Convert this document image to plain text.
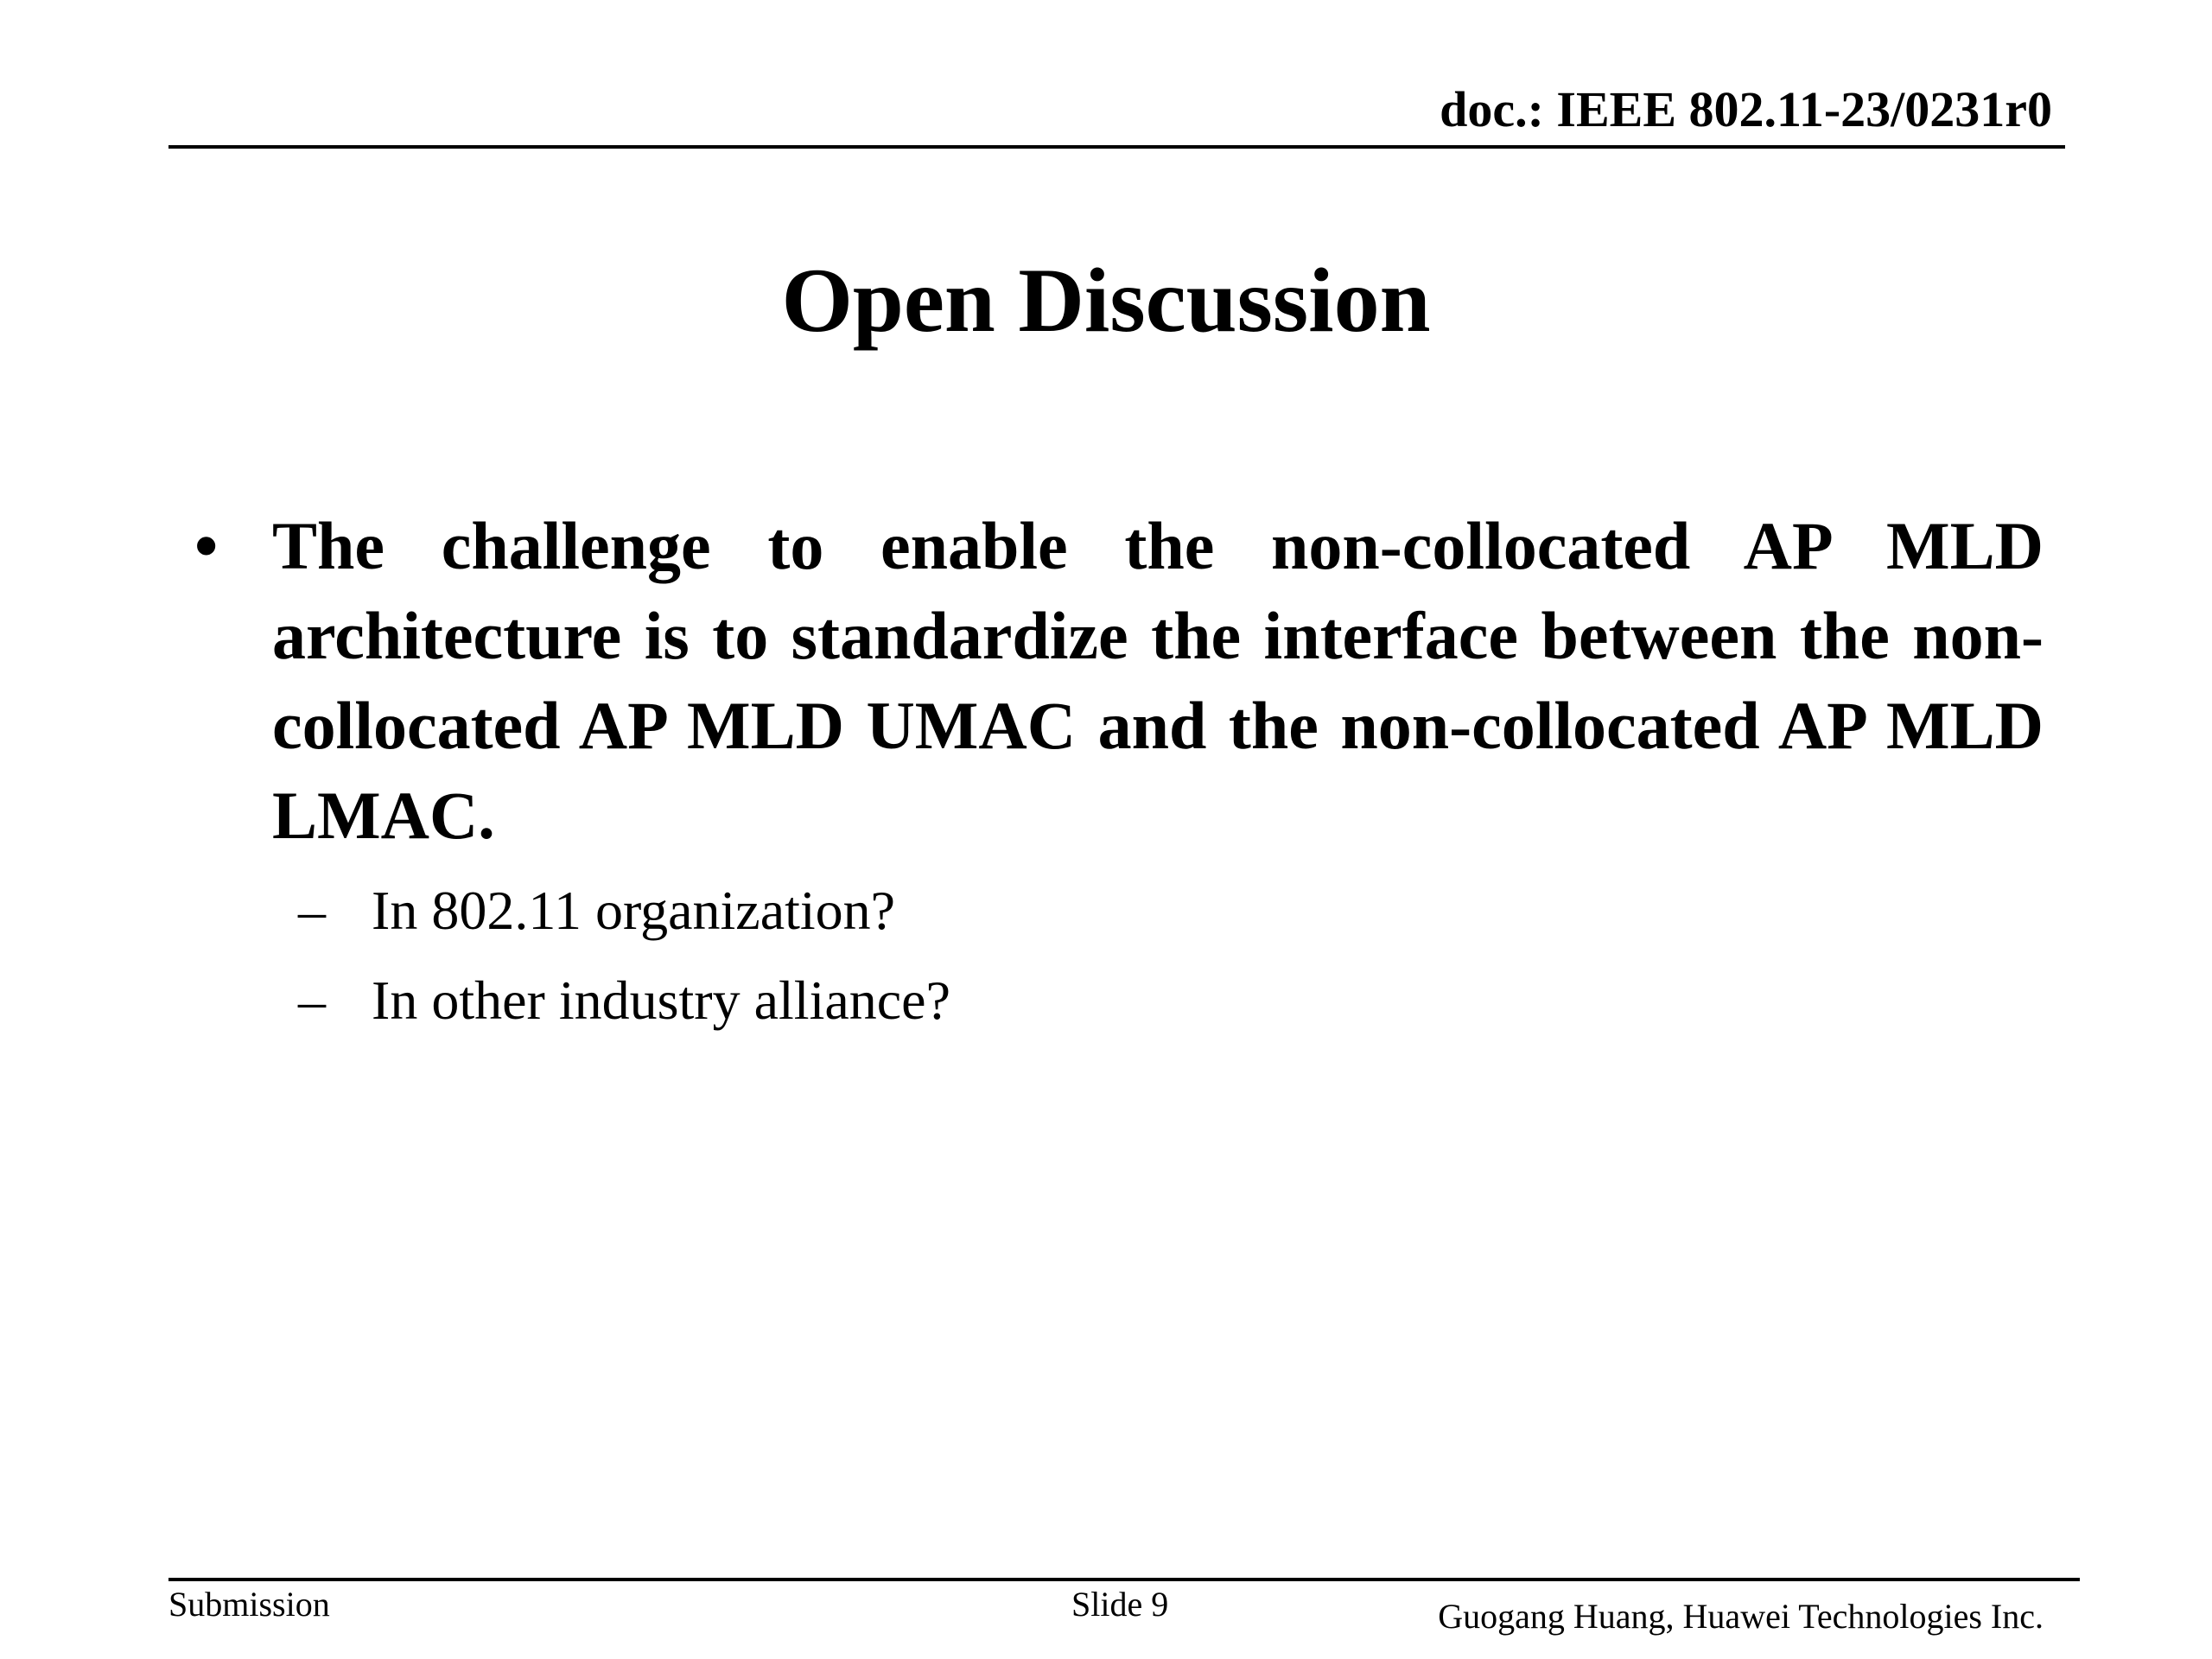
doc.: IEEE 802.11-23/0231r0
Open Discussion
• The challenge to enable the non-collocated AP MLD architecture is to standardize the interface between the non-collocated AP MLD UMAC and the non-collocated AP MLD LMAC.
– In 802.11 organization?
– In other industry alliance?
Submission	Slide 9	Guogang Huang, Huawei Technologies Inc.
